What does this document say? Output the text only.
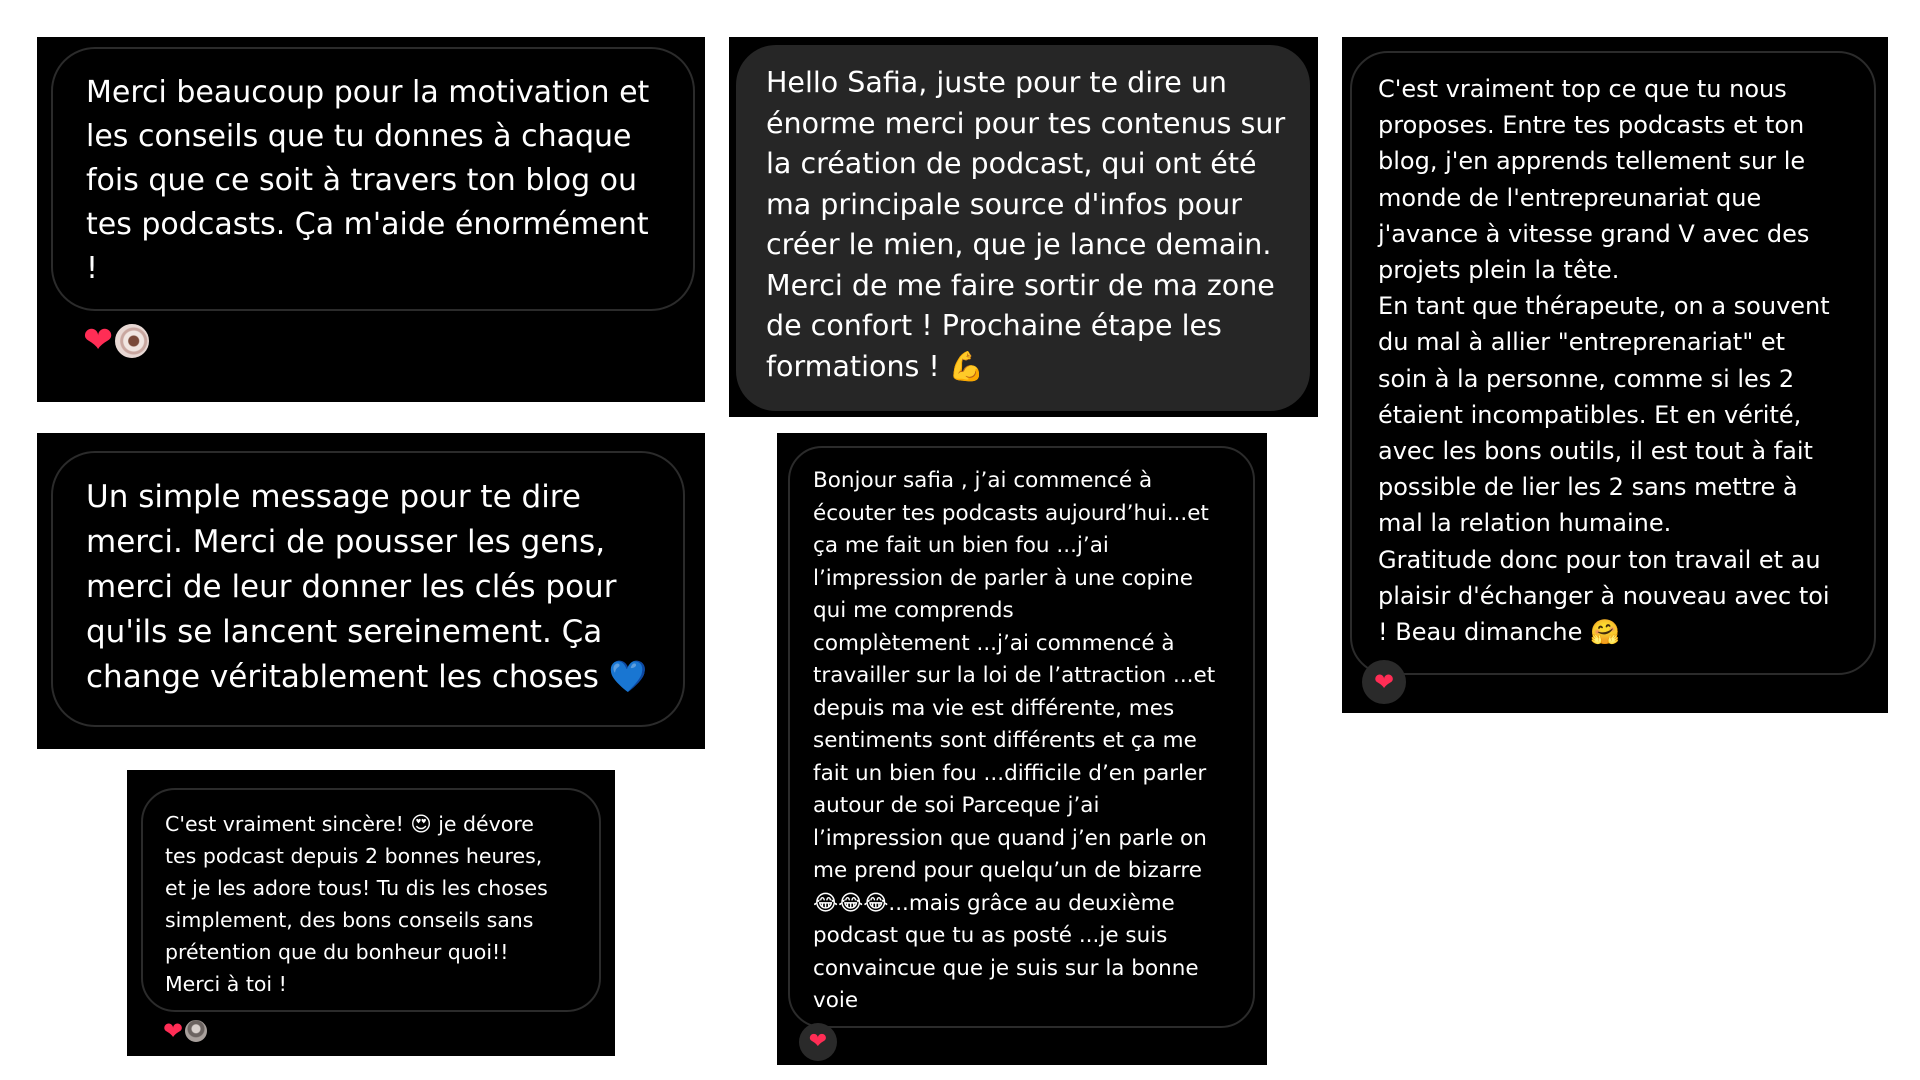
Merci beaucoup pour la motivation et
les conseils que tu donnes à chaque
fois que ce soit à travers ton blog ou
tes podcasts. Ça m'aide énormément
!

❤

Un simple message pour te dire
merci. Merci de pousser les gens,
merci de leur donner les clés pour
qu'ils se lancent sereinement. Ça
change véritablement les choses 💙

C'est vraiment sincère! 😍 je dévore
tes podcast depuis 2 bonnes heures,
et je les adore tous! Tu dis les choses
simplement, des bons conseils sans
prétention que du bonheur quoi!!
Merci à toi !

❤

Hello Safia, juste pour te dire un
énorme merci pour tes contenus sur
la création de podcast, qui ont été
ma principale source d'infos pour
créer le mien, que je lance demain.
Merci de me faire sortir de ma zone
de confort ! Prochaine étape les
formations ! 💪

Bonjour safia , j’ai commencé à
écouter tes podcasts aujourd’hui...et
ça me fait un bien fou ...j’ai
l’impression de parler à une copine
qui me comprends
complètement ...j’ai commencé à
travailler sur la loi de l’attraction ...et
depuis ma vie est différente, mes
sentiments sont différents et ça me
fait un bien fou ...difficile d’en parler
autour de soi Parceque j’ai
l’impression que quand j’en parle on
me prend pour quelqu’un de bizarre
😂😂😂...mais grâce au deuxième
podcast que tu as posté ...je suis
convaincue que je suis sur la bonne
voie

❤

C'est vraiment top ce que tu nous
proposes. Entre tes podcasts et ton
blog, j'en apprends tellement sur le
monde de l'entrepreunariat que
j'avance à vitesse grand V avec des
projets plein la tête.
En tant que thérapeute, on a souvent
du mal à allier "entreprenariat" et
soin à la personne, comme si les 2
étaient incompatibles. Et en vérité,
avec les bons outils, il est tout à fait
possible de lier les 2 sans mettre à
mal la relation humaine.
Gratitude donc pour ton travail et au
plaisir d'échanger à nouveau avec toi
! Beau dimanche 🤗

❤
